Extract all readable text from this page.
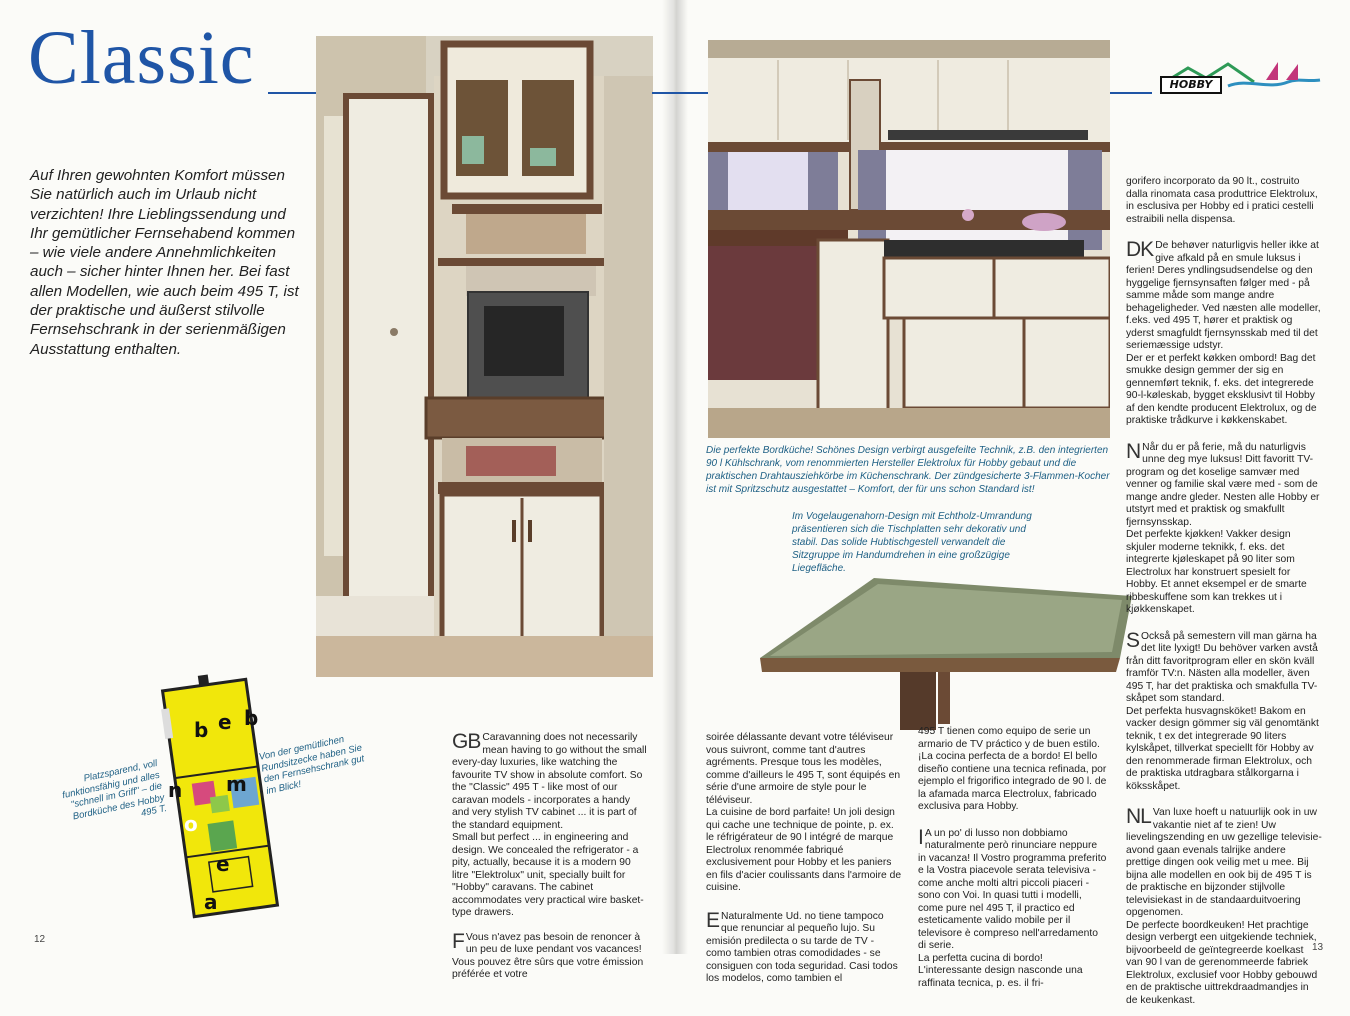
Classic
Auf Ihren gewohnten Komfort müssen Sie natürlich auch im Urlaub nicht verzichten! Ihre Lieblingssendung und Ihr gemütlicher Fernsehabend kommen – wie viele andere Annehmlichkeiten auch – sicher hinter Ihnen her. Bei fast allen Modellen, wie auch beim 495 T, ist der praktische und äußerst stilvolle Fernsehschrank in der serienmäßigen Ausstattung enthalten.
b e b
n
o
m
e
a
Platzsparend, voll funktionsfähig und alles "schnell im Griff" – die Bordküche des Hobby 495 T.
Von der gemütlichen Rundsitzecke haben Sie den Fernsehschrank gut im Blick!

GB Caravanning does not necessarily mean having to go without the small every-day luxuries, like watching the favourite TV show in absolute comfort. So the "Classic" 495 T - like most of our caravan models - incorporates a handy and very stylish TV cabinet ... it is part of the standard equipment.
Small but perfect ... in engineering and design. We concealed the refrigerator - a pity, actually, because it is a modern 90 litre "Elektrolux" unit, specially built for "Hobby" caravans. The cabinet accommodates very practical wire basket-type drawers.

F Vous n'avez pas besoin de renoncer à un peu de luxe pendant vos vacances! Vous pouvez être sûrs que votre émission préférée et votre

12
HOBBY
Die perfekte Bordküche! Schönes Design verbirgt ausgefeilte Technik, z.B. den integrierten 90 l Kühlschrank, vom renommierten Hersteller Elektrolux für Hobby gebaut und die praktischen Drahtausziehkörbe im Küchenschrank. Der zündgesicherte 3-Flammen-Kocher ist mit Spritzschutz ausgestattet – Komfort, der für uns schon Standard ist!
Im Vogelaugenahorn-Design mit Echtholz-Umrandung präsentieren sich die Tischplatten sehr dekorativ und stabil. Das solide Hubtischgestell verwandelt die Sitzgruppe im Handumdrehen in eine großzügige Liegefläche.

soirée délassante devant votre téléviseur vous suivront, comme tant d'autres agréments. Presque tous les modèles, comme d'ailleurs le 495 T, sont équipés en série d'une armoire de style pour le téléviseur.
La cuisine de bord parfaite! Un joli design qui cache une technique de pointe, p. ex. le réfrigérateur de 90 l intégré de marque Electrolux renommée fabriqué exclusivement pour Hobby et les paniers en fils d'acier coulissants dans l'armoire de cuisine.

E Naturalmente Ud. no tiene tampoco que renunciar al pequeño lujo. Su emisión predilecta o su tarde de TV - como tambien otras comodidades - se consiguen con toda seguridad. Casi todos los modelos, como tambien el

495 T tienen como equipo de serie un armario de TV práctico y de buen estilo.
¡La cocina perfecta de a bordo! El bello diseño contiene una tecnica refinada, por ejemplo el frigorifico integrado de 90 l. de la afamada marca Electrolux, fabricado exclusiva para Hobby.

I A un po' di lusso non dobbiamo naturalmente però rinunciare neppure in vacanza! Il Vostro programma preferito e la Vostra piacevole serata televisiva - come anche molti altri piccoli piaceri - sono con Voi. In quasi tutti i modelli, come pure nel 495 T, il practico ed esteticamente valido mobile per il televisore è compreso nell'arredamento di serie.
La perfetta cucina di bordo! L'interessante design nasconde una raffinata tecnica, p. es. il fri-

gorifero incorporato da 90 lt., costruito dalla rinomata casa produttrice Elektrolux, in esclusiva per Hobby ed i pratici cestelli estraibili nella dispensa.

DK De behøver naturligvis heller ikke at give afkald på en smule luksus i ferien! Deres yndlingsudsendelse og den hyggelige fjernsynsaften følger med - på samme måde som mange andre behageligheder. Ved næsten alle modeller, f.eks. ved 495 T, hører et praktisk og yderst smagfuldt fjernsynsskab med til det seriemæssige udstyr.
Der er et perfekt køkken ombord! Bag det smukke design gemmer der sig en gennemført teknik, f. eks. det integrerede 90-l-køleskab, bygget eksklusivt til Hobby af den kendte producent Elektrolux, og de praktiske trådkurve i køkkenskabet.

N Når du er på ferie, må du naturligvis unne deg mye luksus! Ditt favoritt TV-program og det koselige samvær med venner og familie skal være med - som de mange andre gleder. Nesten alle Hobby er utstyrt med et praktisk og smakfullt fjernsynsskap.
Det perfekte kjøkken! Vakker design skjuler moderne teknikk, f. eks. det integrerte kjøleskapet på 90 liter som Electrolux har konstruert spesielt for Hobby. Et annet eksempel er de smarte ribbeskuffene som kan trekkes ut i kjøkkenskapet.

S Också på semestern vill man gärna ha det lite lyxigt! Du behöver varken avstå från ditt favoritprogram eller en skön kväll framför TV:n. Nästen alla modeller, även 495 T, har det praktiska och smakfulla TV-skåpet som standard.
Det perfekta husvagnsköket! Bakom en vacker design gömmer sig väl genomtänkt teknik, t ex det integrerade 90 liters kylskåpet, tillverkat speciellt för Hobby av den renommerade firman Elektrolux, och de praktiska utdragbara stålkorgarna i köksskåpet.

NL Van luxe hoeft u natuurlijk ook in uw vakantie niet af te zien! Uw lievelingszending en uw gezellige televisie-avond gaan evenals talrijke andere prettige dingen ook veilig met u mee. Bij bijna alle modellen en ook bij de 495 T is de praktische en bijzonder stijlvolle televisiekast in de standaarduitvoering opgenomen.
De perfecte boordkeuken! Het prachtige design verbergt een uitgekiende techniek, bijvoorbeeld de geïntegreerde koelkast van 90 l van de gerenommeerde fabriek Elektrolux, exclusief voor Hobby gebouwd en de praktische uittrekdraadmandjes in de keukenkast.

13
